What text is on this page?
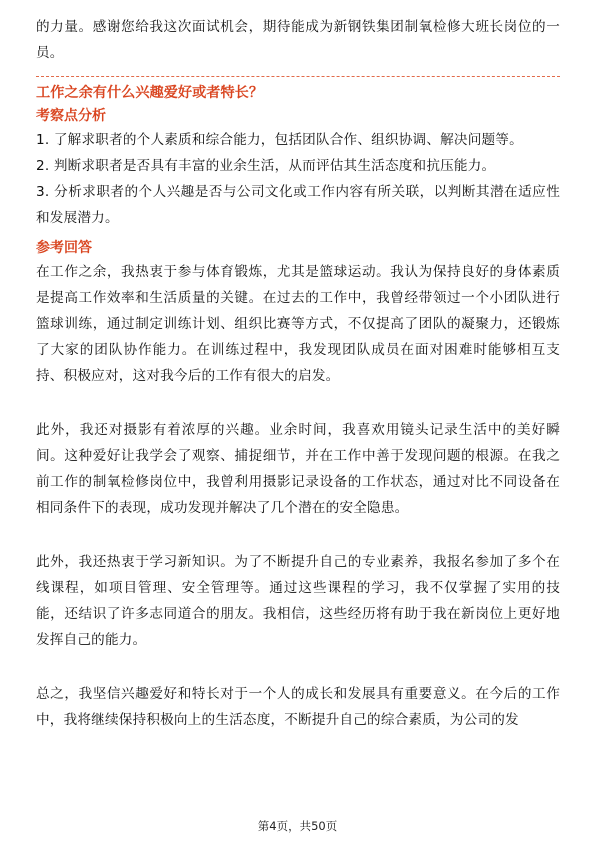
的力量。感谢您给我这次面试机会，期待能成为新钢铁集团制氧检修大班长岗位的一员。

工作之余有什么兴趣爱好或者特长？

考察点分析

1. 了解求职者的个人素质和综合能力，包括团队合作、组织协调、解决问题等。

2. 判断求职者是否具有丰富的业余生活，从而评估其生活态度和抗压能力。

3. 分析求职者的个人兴趣是否与公司文化或工作内容有所关联，以判断其潜在适应性和发展潜力。

参考回答

在工作之余，我热衷于参与体育锻炼，尤其是篮球运动。我认为保持良好的身体素质是提高工作效率和生活质量的关键。在过去的工作中，我曾经带领过一个小团队进行篮球训练，通过制定训练计划、组织比赛等方式，不仅提高了团队的凝聚力，还锻炼了大家的团队协作能力。在训练过程中，我发现团队成员在面对困难时能够相互支持、积极应对，这对我今后的工作有很大的启发。

此外，我还对摄影有着浓厚的兴趣。业余时间，我喜欢用镜头记录生活中的美好瞬间。这种爱好让我学会了观察、捕捉细节，并在工作中善于发现问题的根源。在我之前工作的制氧检修岗位中，我曾利用摄影记录设备的工作状态，通过对比不同设备在相同条件下的表现，成功发现并解决了几个潜在的安全隐患。

此外，我还热衷于学习新知识。为了不断提升自己的专业素养，我报名参加了多个在线课程，如项目管理、安全管理等。通过这些课程的学习，我不仅掌握了实用的技能，还结识了许多志同道合的朋友。我相信，这些经历将有助于我在新岗位上更好地发挥自己的能力。

总之，我坚信兴趣爱好和特长对于一个人的成长和发展具有重要意义。在今后的工作中，我将继续保持积极向上的生活态度，不断提升自己的综合素质，为公司的发

第4页，共50页
